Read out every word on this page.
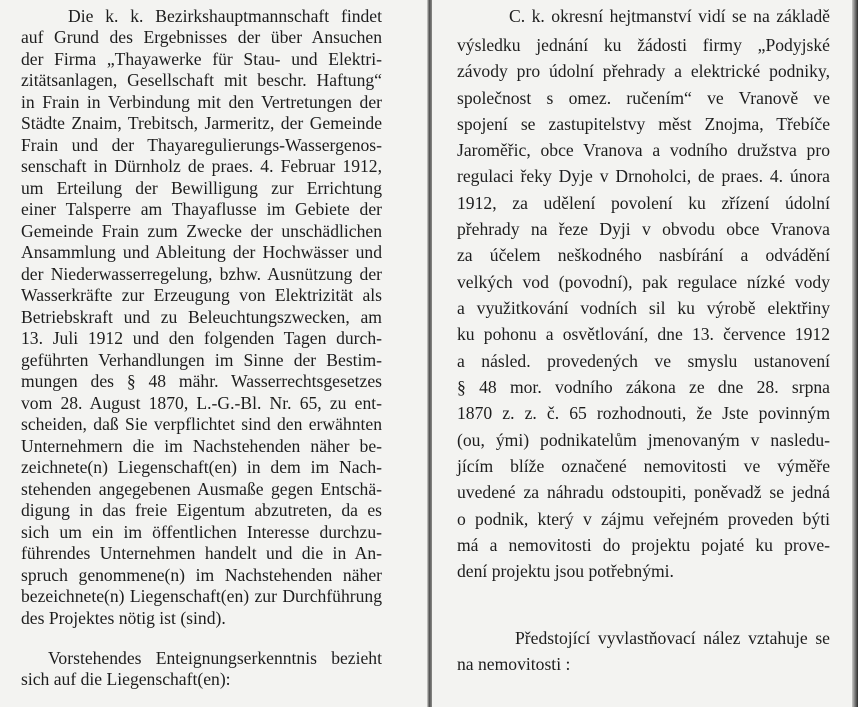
Die k. k. Bezirkshauptmannschaft findet
auf Grund des Ergebnisses der über Ansuchen
der Firma „Thayawerke für Stau- und Elektri-
zitätsanlagen, Gesellschaft mit beschr. Haftung“
in Frain in Verbindung mit den Vertretungen der
Städte Znaim, Trebitsch, Jarmeritz, der Gemeinde
Frain und der Thayaregulierungs-Wassergenos-
senschaft in Dürnholz de praes. 4. Februar 1912,
um Erteilung der Bewilligung zur Errichtung
einer Talsperre am Thayaflusse im Gebiete der
Gemeinde Frain zum Zwecke der unschädlichen
Ansammlung und Ableitung der Hochwässer und
der Niederwasserregelung, bzhw. Ausnützung der
Wasserkräfte zur Erzeugung von Elektrizität als
Betriebskraft und zu Beleuchtungszwecken, am
13. Juli 1912 und den folgenden Tagen durch-
geführten Verhandlungen im Sinne der Bestim-
mungen des § 48 mähr. Wasserrechtsgesetzes
vom 28. August 1870, L.-G.-Bl. Nr. 65, zu ent-
scheiden, daß Sie verpflichtet sind den erwähnten
Unternehmern die im Nachstehenden näher be-
zeichnete(n) Liegenschaft(en) in dem im Nach-
stehenden angegebenen Ausmaße gegen Entschä-
digung in das freie Eigentum abzutreten, da es
sich um ein im öffentlichen Interesse durchzu-
führendes Unternehmen handelt und die in An-
spruch genommene(n) im Nachstehenden näher
bezeichnete(n) Liegenschaft(en) zur Durchführung
des Projektes nötig ist (sind).
Vorstehendes Enteignungserkenntnis bezieht
sich auf die Liegenschaft(en):
C. k. okresní hejtmanství vidí se na základě
výsledku jednání ku žádosti firmy „Podyjské
závody pro údolní přehrady a elektrické podniky,
společnost s omez. ručením“ ve Vranově ve
spojení se zastupitelstvy měst Znojma, Třebíče
Jaroměřic, obce Vranova a vodního družstva pro
regulaci řeky Dyje v Drnoholci, de praes. 4. února
1912, za udělení povolení ku zřízení údolní
přehrady na řeze Dyji v obvodu obce Vranova
za účelem neškodného nasbírání a odvádění
velkých vod (povodní), pak regulace nízké vody
a využitkování vodních sil ku výrobě elektřiny
ku pohonu a osvětlování, dne 13. července 1912
a násled. provedených ve smyslu ustanovení
§ 48 mor. vodního zákona ze dne 28. srpna
1870 z. z. č. 65 rozhodnouti, že Jste povinným
(ou, ými) podnikatelům jmenovaným v nasledu-
jícím blíže označené nemovitosti ve výměře
uvedené za náhradu odstoupiti, poněvadž se jedná
o podnik, který v zájmu veřejném proveden býti
má a nemovitosti do projektu pojaté ku prove-
dení projektu jsou potřebnými.
Předstojící vyvlastňovací nález vztahuje se
na nemovitosti :
